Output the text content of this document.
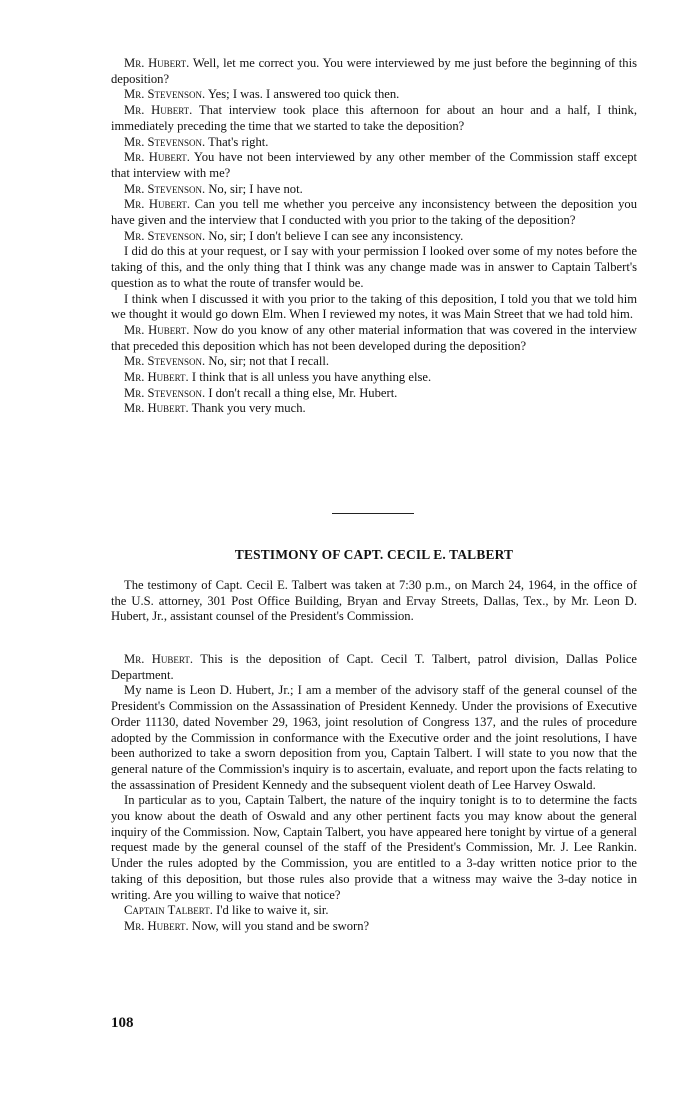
Mr. Hubert. Well, let me correct you. You were interviewed by me just before the beginning of this deposition?

Mr. Stevenson. Yes; I was. I answered too quick then.

Mr. Hubert. That interview took place this afternoon for about an hour and a half, I think, immediately preceding the time that we started to take the deposition?

Mr. Stevenson. That's right.

Mr. Hubert. You have not been interviewed by any other member of the Commission staff except that interview with me?

Mr. Stevenson. No, sir; I have not.

Mr. Hubert. Can you tell me whether you perceive any inconsistency between the deposition you have given and the interview that I conducted with you prior to the taking of the deposition?

Mr. Stevenson. No, sir; I don't believe I can see any inconsistency.

I did do this at your request, or I say with your permission I looked over some of my notes before the taking of this, and the only thing that I think was any change made was in answer to Captain Talbert's question as to what the route of transfer would be.

I think when I discussed it with you prior to the taking of this deposition, I told you that we told him we thought it would go down Elm. When I reviewed my notes, it was Main Street that we had told him.

Mr. Hubert. Now do you know of any other material information that was covered in the interview that preceded this deposition which has not been developed during the deposition?

Mr. Stevenson. No, sir; not that I recall.

Mr. Hubert. I think that is all unless you have anything else.

Mr. Stevenson. I don't recall a thing else, Mr. Hubert.

Mr. Hubert. Thank you very much.

TESTIMONY OF CAPT. CECIL E. TALBERT

The testimony of Capt. Cecil E. Talbert was taken at 7:30 p.m., on March 24, 1964, in the office of the U.S. attorney, 301 Post Office Building, Bryan and Ervay Streets, Dallas, Tex., by Mr. Leon D. Hubert, Jr., assistant counsel of the President's Commission.

Mr. Hubert. This is the deposition of Capt. Cecil T. Talbert, patrol division, Dallas Police Department.

My name is Leon D. Hubert, Jr.; I am a member of the advisory staff of the general counsel of the President's Commission on the Assassination of President Kennedy. Under the provisions of Executive Order 11130, dated November 29, 1963, joint resolution of Congress 137, and the rules of procedure adopted by the Commission in conformance with the Executive order and the joint resolutions, I have been authorized to take a sworn deposition from you, Captain Talbert. I will state to you now that the general nature of the Commission's inquiry is to ascertain, evaluate, and report upon the facts relating to the assassination of President Kennedy and the subsequent violent death of Lee Harvey Oswald.

In particular as to you, Captain Talbert, the nature of the inquiry tonight is to to determine the facts you know about the death of Oswald and any other pertinent facts you may know about the general inquiry of the Commission. Now, Captain Talbert, you have appeared here tonight by virtue of a general request made by the general counsel of the staff of the President's Commission, Mr. J. Lee Rankin. Under the rules adopted by the Commission, you are entitled to a 3-day written notice prior to the taking of this deposition, but those rules also provide that a witness may waive the 3-day notice in writing. Are you willing to waive that notice?

Captain Talbert. I'd like to waive it, sir.

Mr. Hubert. Now, will you stand and be sworn?

108
